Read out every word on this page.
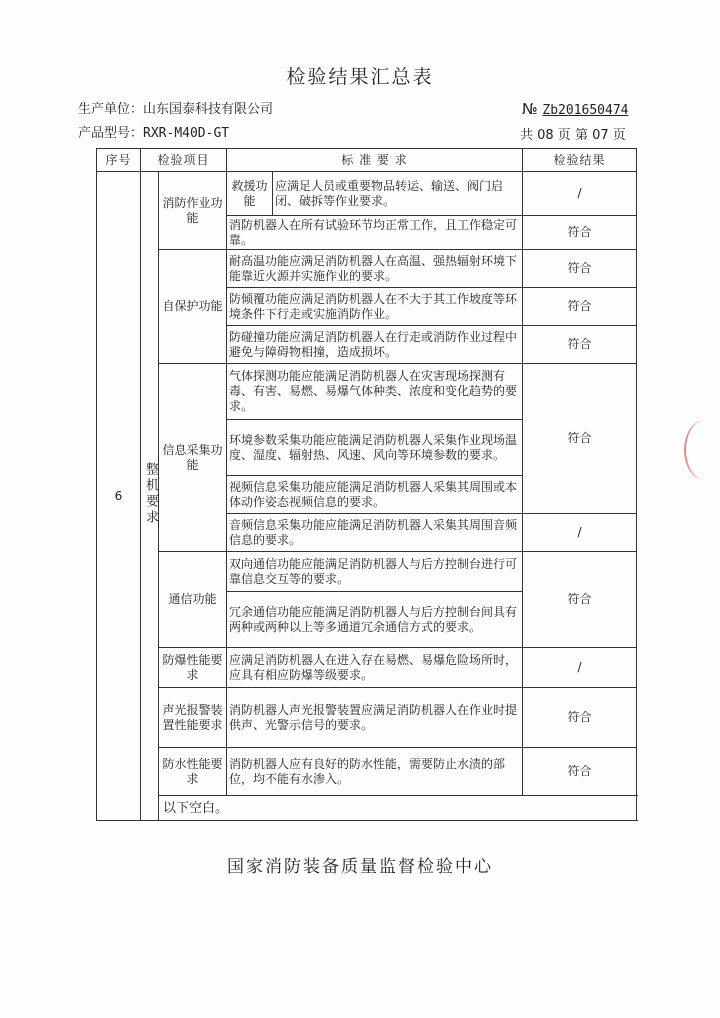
检验结果汇总表
生产单位：山东国泰科技有限公司
产品型号：RXR-M40D-GT
№ Zb201650474
共 08 页 第 07 页
序号	检验项目		标 准 要 求		检验结果
6	整机要求	消防作业功能	救援功能	应满足人员或重要物品转运、输送、阀门启闭、破拆等作业要求。	/
			消防机器人在所有试验环节均正常工作，且工作稳定可靠。		符合
		自保护功能	耐高温功能应满足消防机器人在高温、强热辐射环境下能靠近火源并实施作业的要求。		符合
			防倾覆功能应满足消防机器人在不大于其工作坡度等环境条件下行走或实施消防作业。		符合
			防碰撞功能应满足消防机器人在行走或消防作业过程中避免与障碍物相撞，造成损坏。		符合
		信息采集功能	气体探测功能应能满足消防机器人在灾害现场探测有毒、有害、易燃、易爆气体种类、浓度和变化趋势的要求。		符合
			环境参数采集功能应能满足消防机器人采集作业现场温度、湿度、辐射热、风速、风向等环境参数的要求。		
			视频信息采集功能应能满足消防机器人采集其周围或本体动作姿态视频信息的要求。		
			音频信息采集功能应能满足消防机器人采集其周围音频信息的要求。		/
		通信功能	双向通信功能应能满足消防机器人与后方控制台进行可靠信息交互等的要求。		符合
			冗余通信功能应能满足消防机器人与后方控制台间具有两种或两种以上等多通道冗余通信方式的要求。		
		防爆性能要求	应满足消防机器人在进入存在易燃、易爆危险场所时，应具有相应防爆等级要求。		/
		声光报警装置性能要求	消防机器人声光报警装置应满足消防机器人在作业时提供声、光警示信号的要求。		符合
		防水性能要求	消防机器人应有良好的防水性能，需要防止水渍的部位，均不能有水渗入。		符合
		以下空白。			
国家消防装备质量监督检验中心
